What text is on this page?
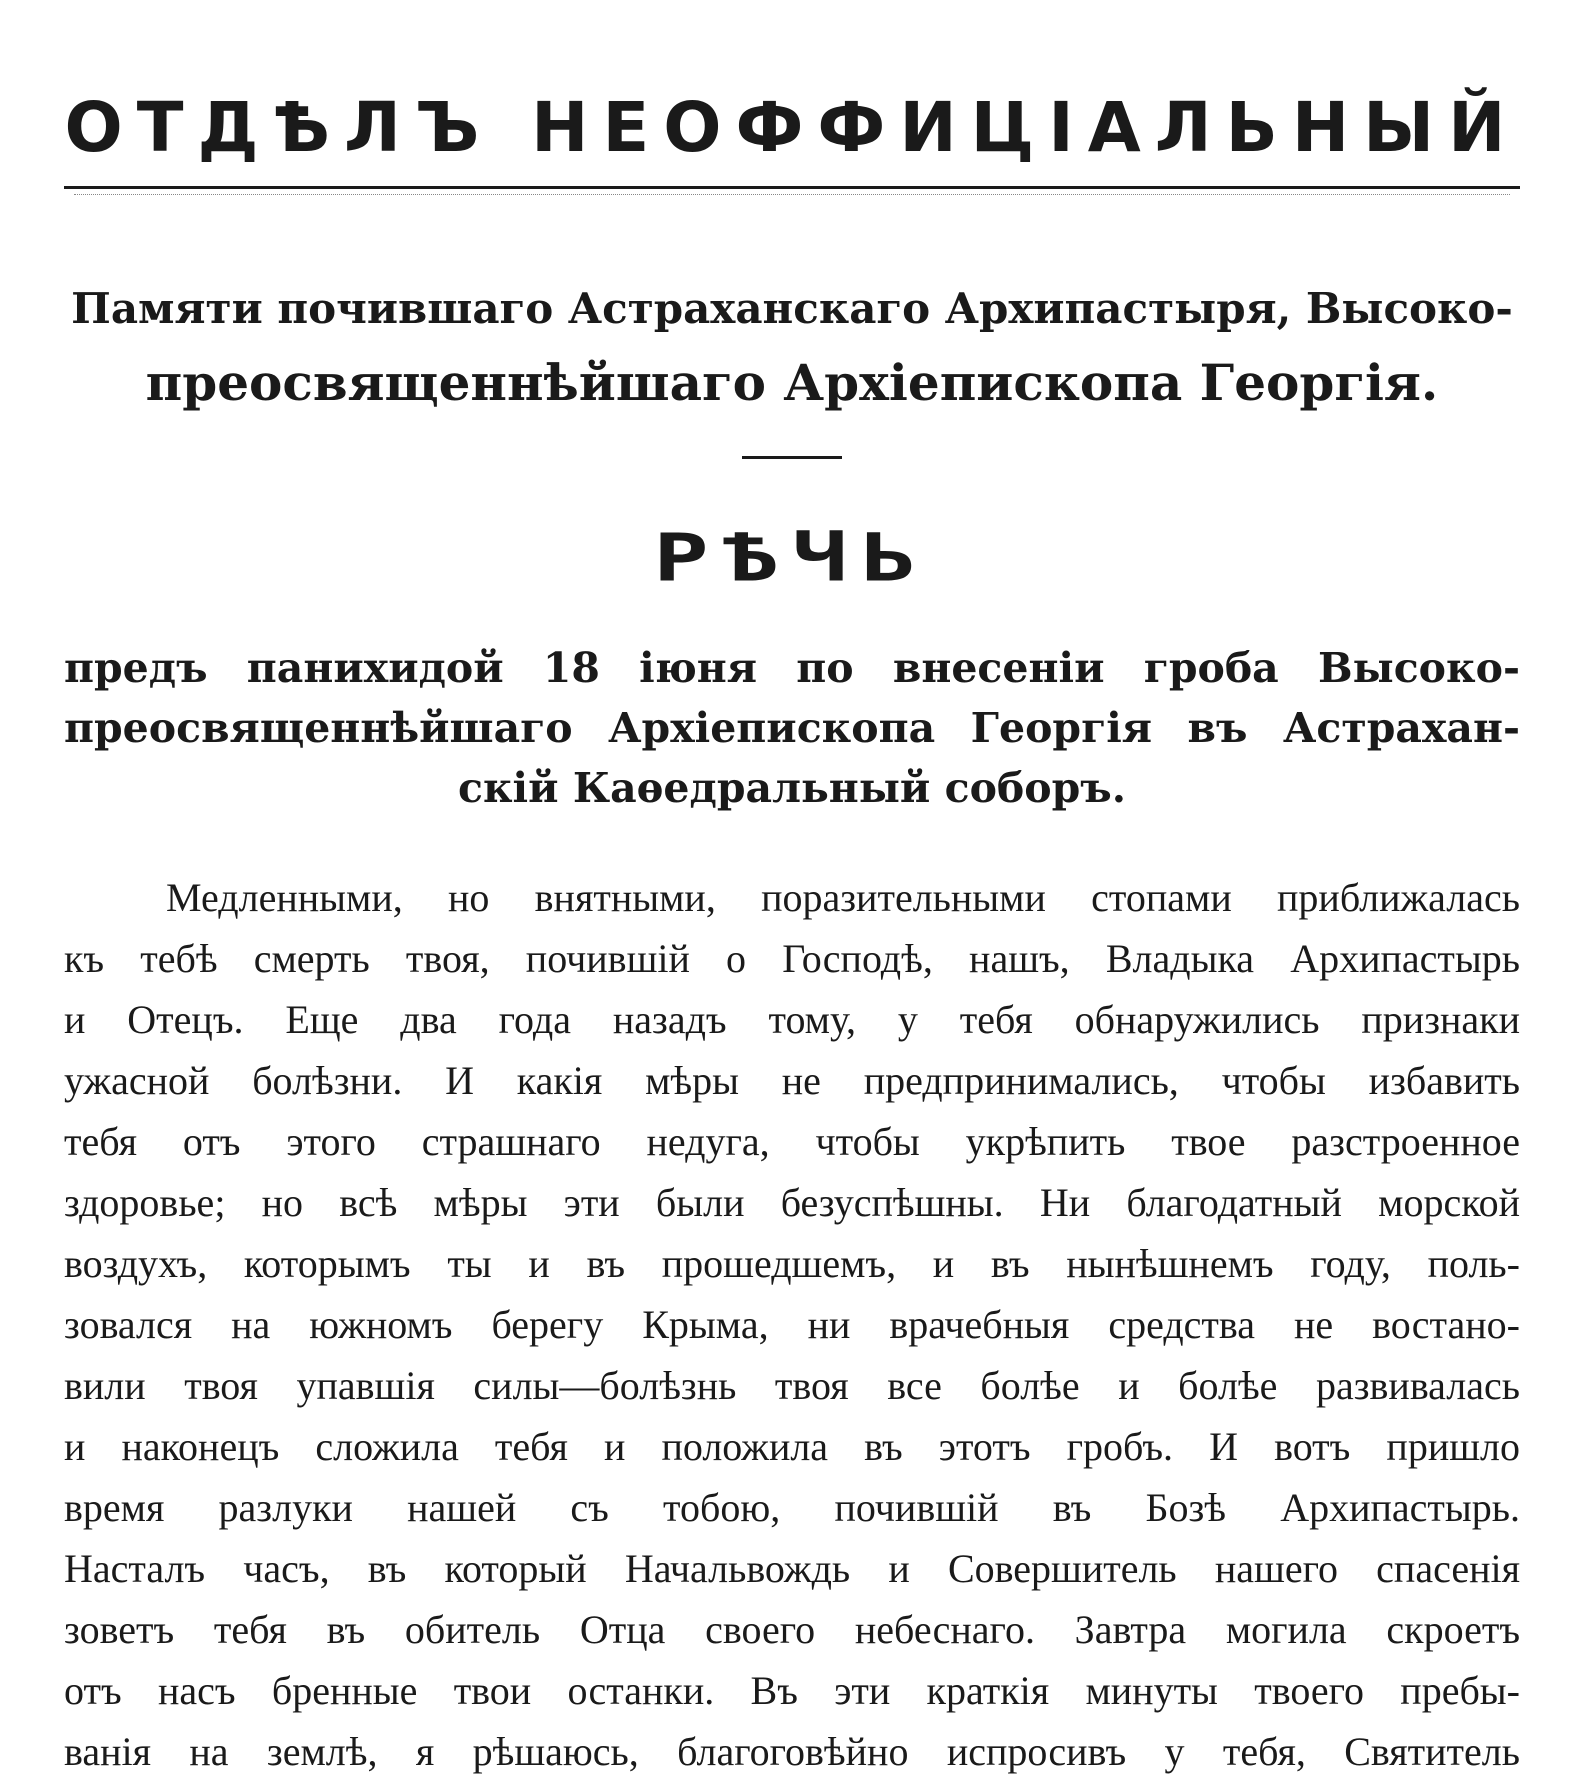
ОТДѢЛЪ НЕОФФИЦІАЛЬНЫЙ
Памяти почившаго Астраханскаго Архипастыря, Высоко-
преосвященнѣйшаго Архіепископа Георгія.
РѢЧЬ
предъ панихидой 18 іюня по внесеніи гроба Высоко-
преосвященнѣйшаго Архіепископа Георгія въ Астрахан-
скій Каѳедральный соборъ.
Медленными, но внятными, поразительными стопами приближалась
къ тебѣ смерть твоя, почившій о Господѣ, нашъ, Владыка Архипастырь
и Отецъ. Еще два года назадъ тому, у тебя обнаружились признаки
ужасной болѣзни. И какія мѣры не предпринимались, чтобы избавить
тебя отъ этого страшнаго недуга, чтобы укрѣпить твое разстроенное
здоровье; но всѣ мѣры эти были безуспѣшны. Ни благодатный морской
воздухъ, которымъ ты и въ прошедшемъ, и въ нынѣшнемъ году, поль-
зовался на южномъ берегу Крыма, ни врачебныя средства не востано-
вили твоя упавшія силы—болѣзнь твоя все болѣе и болѣе развивалась
и наконецъ сложила тебя и положила въ этотъ гробъ. И вотъ пришло
время разлуки нашей съ тобою, почившій въ Бозѣ Архипастырь.
Насталъ часъ, въ который Начальвождь и Совершитель нашего спасенія
зоветъ тебя въ обитель Отца своего небеснаго. Завтра могила скроетъ
отъ насъ бренные твои останки. Въ эти краткія минуты твоего пребы-
ванія на землѣ, я рѣшаюсь, благоговѣйно испросивъ у тебя, Святитель
